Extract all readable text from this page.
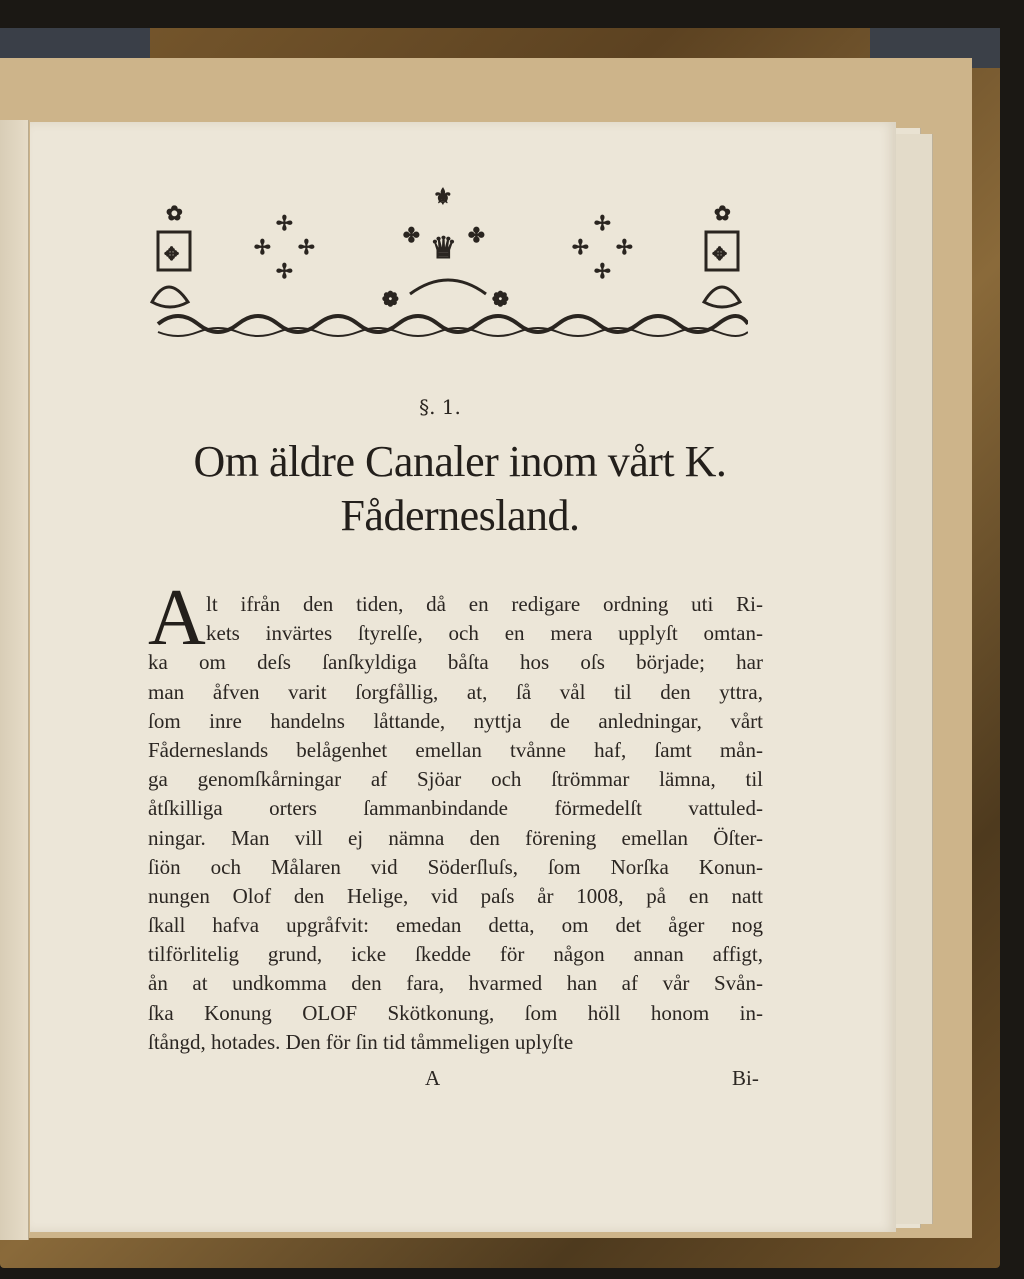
✿
✥
✢
✢ ✢
✢
⚜
♛
✤ ✤
❁	❁
✢
✢ ✢
✢
✿
✥
§. 1.
Om äldre Canaler inom vårt K.
Fådernesland.
A lt ifrån den tiden, då en redigare ordning uti Ri-
kets invärtes ſtyrelſe, och en mera upplyſt omtan-
ka om deſs ſanſkyldiga båſta hos oſs började; har
man åfven varit ſorgfållig, at, ſå vål til den yttra,
ſom inre handelns låttande, nyttja de anledningar, vårt
Fåderneslands belågenhet emellan tvånne haf, ſamt mån-
ga genomſkårningar af Sjöar och ſtrömmar lämna, til
åtſkilliga orters ſammanbindande förmedelſt vattuled-
ningar. Man vill ej nämna den förening emellan Öſter-
ſiön och Målaren vid Söderſluſs, ſom Norſka Konun-
nungen Olof den Helige, vid paſs år 1008, på en natt
ſkall hafva upgråfvit: emedan detta, om det åger nog
tilförlitelig grund, icke ſkedde för någon annan affigt,
ån at undkomma den fara, hvarmed han af vår Svån-
ſka Konung OLOF Skötkonung, ſom höll honom in-
ſtångd, hotades. Den för ſin tid tåmmeligen uplyſte
A	Bi-
